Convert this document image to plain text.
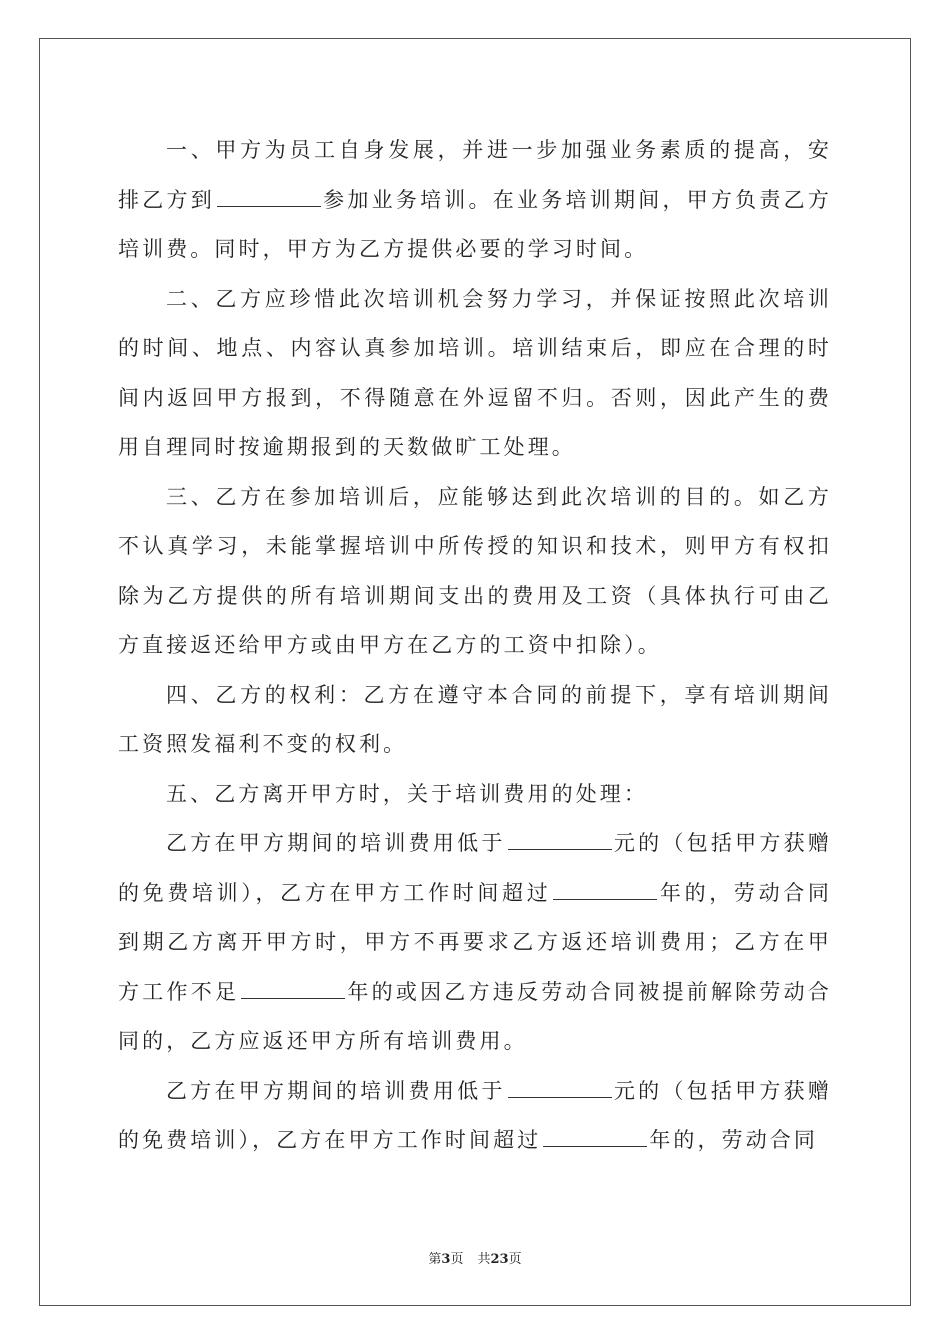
一、甲方为员工自身发展，并进一步加强业务素质的提高，安排乙方到	参加业务培训。在业务培训期间，甲方负责乙方培训费。同时，甲方为乙方提供必要的学习时间。

二、乙方应珍惜此次培训机会努力学习，并保证按照此次培训的时间、地点、内容认真参加培训。培训结束后，即应在合理的时间内返回甲方报到，不得随意在外逗留不归。否则，因此产生的费用自理同时按逾期报到的天数做旷工处理。

三、乙方在参加培训后，应能够达到此次培训的目的。如乙方不认真学习，未能掌握培训中所传授的知识和技术，则甲方有权扣除为乙方提供的所有培训期间支出的费用及工资（具体执行可由乙方直接返还给甲方或由甲方在乙方的工资中扣除）。

四、乙方的权利：乙方在遵守本合同的前提下，享有培训期间工资照发福利不变的权利。

五、乙方离开甲方时，关于培训费用的处理：

乙方在甲方期间的培训费用低于	元的（包括甲方获赠的免费培训），乙方在甲方工作时间超过	年的，劳动合同到期乙方离开甲方时，甲方不再要求乙方返还培训费用；乙方在甲方工作不足	年的或因乙方违反劳动合同被提前解除劳动合同的，乙方应返还甲方所有培训费用。

乙方在甲方期间的培训费用低于	元的（包括甲方获赠的免费培训），乙方在甲方工作时间超过	年的，劳动合同

第3页 共23页
